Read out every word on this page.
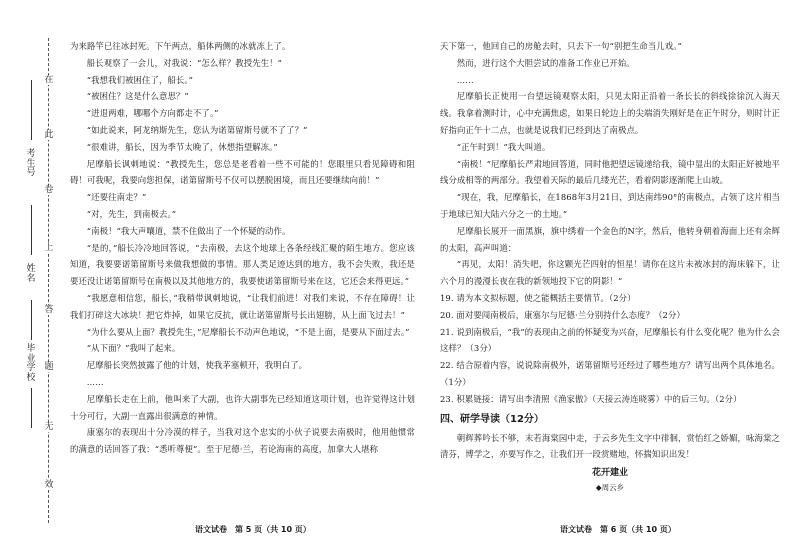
在
此
卷
上
答
题
无
效
考生号
姓名
毕业学校

为来路竿已往冰封死。下午两点，船体两侧的冰就冻上了。

船长观察了一会儿，对我说：“怎么样？教授先生！”

“我想我们被困住了，船长。”

“被困住？这是什么意思？”

“进退两难，哪哪个方向都走不了。”

“如此说来，阿龙纳斯先生，您认为诺第留斯号就不了了？”

“很难讲，船长，因为季节太晚了，休想指望解冻。”

尼摩船长讽刺地说：“教授先生，您总是老看着一些不可能的！您眼里只看见障碍和阻碍！可我呢，我要向您担保，诺第留斯号不仅可以摆脱困境，而且还要继续向前！”

“还要往南走？”

“对，先生，到南极去。”

“南极！”我大声嚷道，禁不住做出了一个怀疑的动作。

“是的，”船长冷冷地回答说，“去南极，去这个地球上各条经线汇聚的陌生地方。您应该知道，我要要诺第留斯号来做我想做的事情。那人类足迹达到的地方，我不会失败，我还是要还没让诺第留斯号在南极以及其他地方的，我要使诺第留斯号来在这，它还会来得更远。”

“我愿意相信您，船长，”我稍带讽刺地说，“让我们前进！对我们来说，不存在障碍！让我们打碎这大冰块！把它炸掉，如果它反抗，就让诺第留斯号长出翅膀，从上面飞过去！”

“为什么要从上面？教授先生，”尼摩船长不动声色地说，“不是上面，是要从下面过去。”

“从下面？”我叫了起来。

尼摩船长突然披露了他的计划，使我茅塞顿开，我明白了。

……

尼摩船长走在上前，他叫来了大副，也许大副事先已经知道这项计划，也许觉得这计划十分可行，大副一直露出很满意的神情。

康塞尔的表现出十分冷漠的样子，当我对这个忠实的小伙子说要去南极时，他用他惯常的满意的话回答了我：“悉听尊便”。至于尼德·兰，若论海南的高度，加拿大人堪称

天下第一，他回自己的房舱去时，只去下一句“别把生命当儿戏。”

然而，进行这个大胆尝试的准备工作业已开始。

……

尼摩船长正使用一台望远镜观察太阳，只见太阳正沿着一条长长的斜线徐徐沉入海天线。我拿着测时计，心中充满焦虑，如果日轮边上的尖端消失刚好是在正午时分，则时计正好指向正午十二点，也就是说我们已经到达了南极点。

“正午时到！”我大叫道。

“南极！”尼摩船长严肃地回答道，同时他把望远镜递给我，镜中显出的太阳正好被地平线分成相等的两部分。我望着天际的最后几缕光芒，看着阴影逐渐爬上山坡。

“现在，我，尼摩船长，在1868年3月21日，到达南纬90°的南极点，占领了这片相当于地球已知大陆六分之一的土地。”

尼摩船长展开一面黑旗，旗中绣着一个金色的N字，然后，他转身朝着海面上还有余辉的太阳，高声叫道：

“再见，太阳！消失吧，你这颗光芒四射的恒星！请你在这片未被冰封的海床躲下，让六个月的漫漫长夜在我的新领地投下它的阴影！”

19. 请为本文拟标题，使之能概括主要情节。（2分）

20. 面对要闯南极后，康塞尔与尼德·兰分别持什么态度？（2分）

21. 说到南极后，“我”的表现由之前的怀疑变为兴奋，尼摩船长有什么变化呢？他为什么会这样？（3分）

22. 结合原着内容，说说除南极外，诺第留斯号还经过了哪些地方？请写出两个具体地名。（1分）

23. 积累链接：请写出李清照《渔家傲》（天接云涛连晓雾）中的后三句。（2分）

四、研学导读（12分）

朝辉葬吟长不够，末若海棠园中走，于云乡先生文字中徘徊，赏怡红之娇媚，咏海棠之清芬，博学之，亦要写作之，让我们开一段赏赌地，怀揣知识出发！

花开建业
◆周云乡
语文试卷　第 5 页（共 10 页）	语文试卷　第 6 页（共 10 页）
